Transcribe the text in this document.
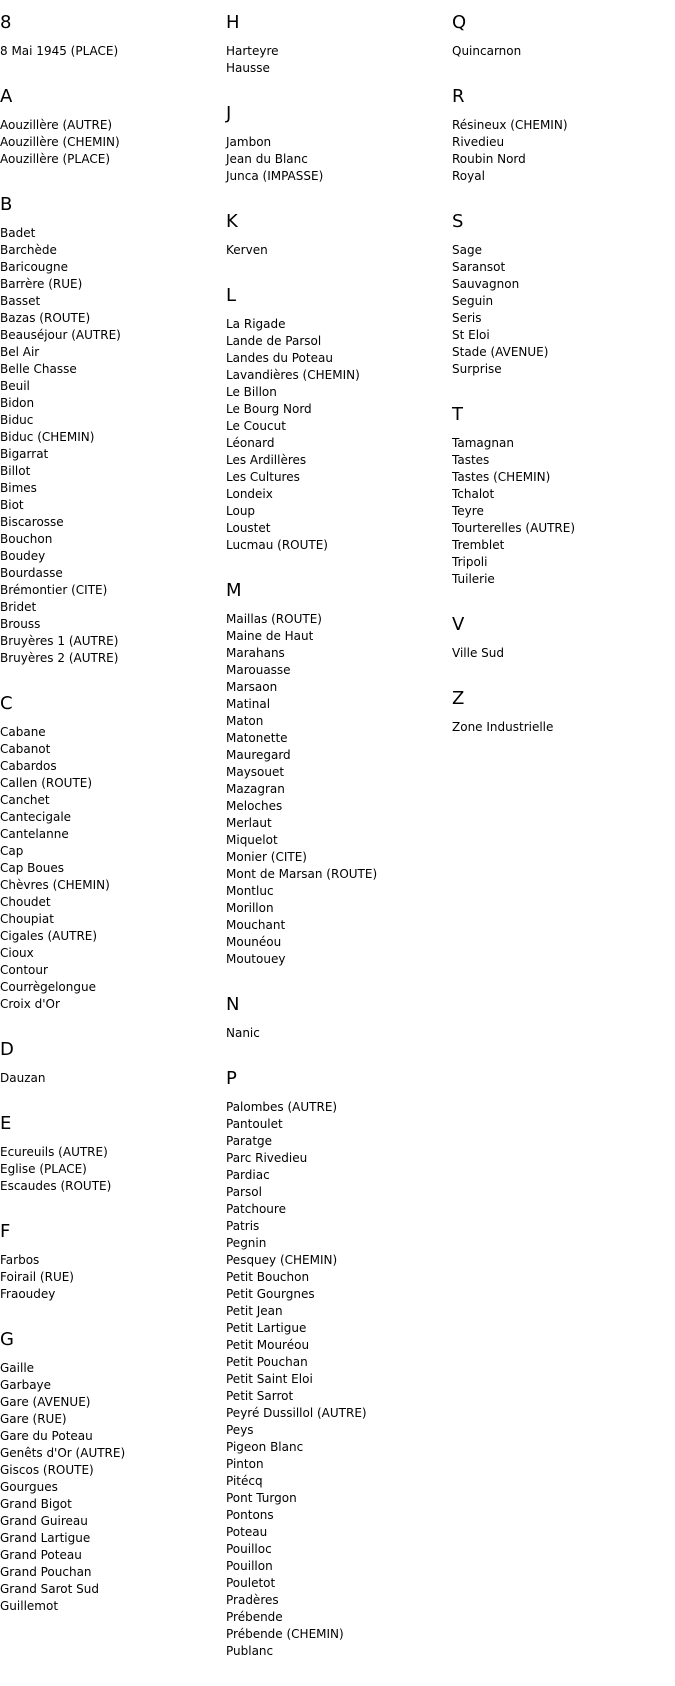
8
8 Mai 1945 (PLACE)
A
Aouzillère (AUTRE)
Aouzillère (CHEMIN)
Aouzillère (PLACE)
B
Badet
Barchède
Baricougne
Barrère (RUE)
Basset
Bazas (ROUTE)
Beauséjour (AUTRE)
Bel Air
Belle Chasse
Beuil
Bidon
Biduc
Biduc (CHEMIN)
Bigarrat
Billot
Bimes
Biot
Biscarosse
Bouchon
Boudey
Bourdasse
Brémontier (CITE)
Bridet
Brouss
Bruyères 1 (AUTRE)
Bruyères 2 (AUTRE)
C
Cabane
Cabanot
Cabardos
Callen (ROUTE)
Canchet
Cantecigale
Cantelanne
Cap
Cap Boues
Chèvres (CHEMIN)
Choudet
Choupiat
Cigales (AUTRE)
Cioux
Contour
Courrègelongue
Croix d'Or
D
Dauzan
E
Ecureuils (AUTRE)
Eglise (PLACE)
Escaudes (ROUTE)
F
Farbos
Foirail (RUE)
Fraoudey
G
Gaille
Garbaye
Gare (AVENUE)
Gare (RUE)
Gare du Poteau
Genêts d'Or (AUTRE)
Giscos (ROUTE)
Gourgues
Grand Bigot
Grand Guireau
Grand Lartigue
Grand Poteau
Grand Pouchan
Grand Sarot Sud
Guillemot
H
Harteyre
Hausse
J
Jambon
Jean du Blanc
Junca (IMPASSE)
K
Kerven
L
La Rigade
Lande de Parsol
Landes du Poteau
Lavandières (CHEMIN)
Le Billon
Le Bourg Nord
Le Coucut
Léonard
Les Ardillères
Les Cultures
Londeix
Loup
Loustet
Lucmau (ROUTE)
M
Maillas (ROUTE)
Maine de Haut
Marahans
Marouasse
Marsaon
Matinal
Maton
Matonette
Mauregard
Maysouet
Mazagran
Meloches
Merlaut
Miquelot
Monier (CITE)
Mont de Marsan (ROUTE)
Montluc
Morillon
Mouchant
Mounéou
Moutouey
N
Nanic
P
Palombes (AUTRE)
Pantoulet
Paratge
Parc Rivedieu
Pardiac
Parsol
Patchoure
Patris
Pegnin
Pesquey (CHEMIN)
Petit Bouchon
Petit Gourgnes
Petit Jean
Petit Lartigue
Petit Mouréou
Petit Pouchan
Petit Saint Eloi
Petit Sarrot
Peyré Dussillol (AUTRE)
Peys
Pigeon Blanc
Pinton
Pitécq
Pont Turgon
Pontons
Poteau
Pouilloc
Pouillon
Pouletot
Pradères
Prébende
Prébende (CHEMIN)
Publanc
Q
Quincarnon
R
Résineux (CHEMIN)
Rivedieu
Roubin Nord
Royal
S
Sage
Saransot
Sauvagnon
Seguin
Seris
St Eloi
Stade (AVENUE)
Surprise
T
Tamagnan
Tastes
Tastes (CHEMIN)
Tchalot
Teyre
Tourterelles (AUTRE)
Tremblet
Tripoli
Tuilerie
V
Ville Sud
Z
Zone Industrielle
